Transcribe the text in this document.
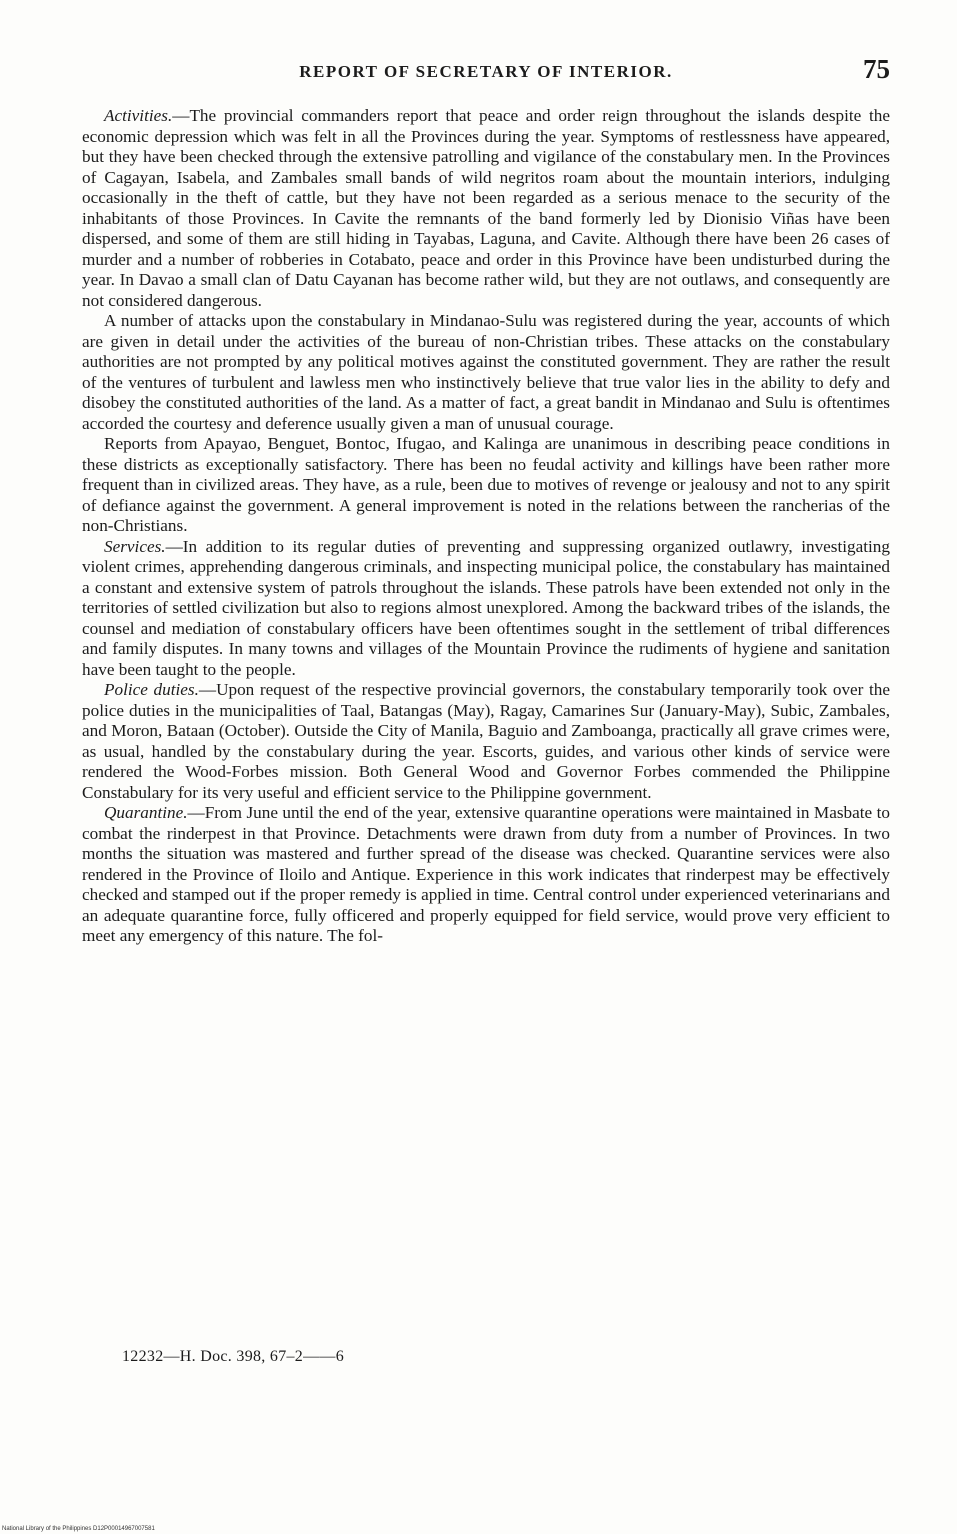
REPORT OF SECRETARY OF INTERIOR.	75

Activities.—The provincial commanders report that peace and order reign throughout the islands despite the economic depression which was felt in all the Provinces during the year. Symptoms of restlessness have appeared, but they have been checked through the extensive patrolling and vigilance of the constabulary men. In the Provinces of Cagayan, Isabela, and Zambales small bands of wild negritos roam about the mountain interiors, indulging occasionally in the theft of cattle, but they have not been regarded as a serious menace to the security of the inhabitants of those Provinces. In Cavite the remnants of the band formerly led by Dionisio Viñas have been dispersed, and some of them are still hiding in Tayabas, Laguna, and Cavite. Although there have been 26 cases of murder and a number of robberies in Cotabato, peace and order in this Province have been undisturbed during the year. In Davao a small clan of Datu Cayanan has become rather wild, but they are not outlaws, and consequently are not considered dangerous.

A number of attacks upon the constabulary in Mindanao-Sulu was registered during the year, accounts of which are given in detail under the activities of the bureau of non-Christian tribes. These attacks on the constabulary authorities are not prompted by any political motives against the constituted government. They are rather the result of the ventures of turbulent and lawless men who instinctively believe that true valor lies in the ability to defy and disobey the constituted authorities of the land. As a matter of fact, a great bandit in Mindanao and Sulu is oftentimes accorded the courtesy and deference usually given a man of unusual courage.

Reports from Apayao, Benguet, Bontoc, Ifugao, and Kalinga are unanimous in describing peace conditions in these districts as exceptionally satisfactory. There has been no feudal activity and killings have been rather more frequent than in civilized areas. They have, as a rule, been due to motives of revenge or jealousy and not to any spirit of defiance against the government. A general improvement is noted in the relations between the rancherias of the non-Christians.

Services.—In addition to its regular duties of preventing and suppressing organized outlawry, investigating violent crimes, apprehending dangerous criminals, and inspecting municipal police, the constabulary has maintained a constant and extensive system of patrols throughout the islands. These patrols have been extended not only in the territories of settled civilization but also to regions almost unexplored. Among the backward tribes of the islands, the counsel and mediation of constabulary officers have been oftentimes sought in the settlement of tribal differences and family disputes. In many towns and villages of the Mountain Province the rudiments of hygiene and sanitation have been taught to the people.

Police duties.—Upon request of the respective provincial governors, the constabulary temporarily took over the police duties in the municipalities of Taal, Batangas (May), Ragay, Camarines Sur (January-May), Subic, Zambales, and Moron, Bataan (October). Outside the City of Manila, Baguio and Zamboanga, practically all grave crimes were, as usual, handled by the constabulary during the year. Escorts, guides, and various other kinds of service were rendered the Wood-Forbes mission. Both General Wood and Governor Forbes commended the Philippine Constabulary for its very useful and efficient service to the Philippine government.

Quarantine.—From June until the end of the year, extensive quarantine operations were maintained in Masbate to combat the rinderpest in that Province. Detachments were drawn from duty from a number of Provinces. In two months the situation was mastered and further spread of the disease was checked. Quarantine services were also rendered in the Province of Iloilo and Antique. Experience in this work indicates that rinderpest may be effectively checked and stamped out if the proper remedy is applied in time. Central control under experienced veterinarians and an adequate quarantine force, fully officered and properly equipped for field service, would prove very efficient to meet any emergency of this nature. The fol-

12232—H. Doc. 398, 67–2——6
National Library of the Philippines D12P00014967007581
